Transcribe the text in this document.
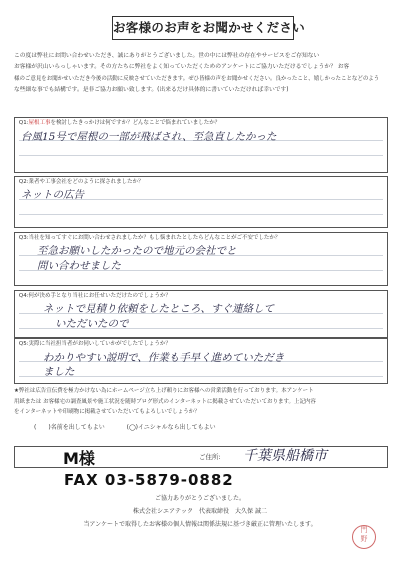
お客様のお声をお聞かせください

この度は弊社にお問い合わせいただき、誠にありがとうございました。世の中には弊社の存在やサービスをご存知ない

お客様が沢山いらっしゃいます。その方たちに弊社をよく知っていただくためのアンケートにご協力いただけるでしょうか？ お客

様のご意見をお聞かせいただき今後の活動に反映させていただきます。ぜひ皆様の声をお聞かせください。良かったこと、嬉しかったことなどのよう

な些細な事でも結構です。是非ご協力お願い致します。(出来るだけ具体的に書いていただければ幸いです)

Q1:屋根工事を検討したきっかけは何ですか？どんなことで悩まれていましたか？
台風15号で屋根の一部が飛ばされ、至急直したかった
Q2:業者や工事会社をどのように探されましたか？
ネットの広告
Q3:当社を知ってすぐにお問い合わせされましたか？もし悩まれたとしたらどんなことがご不安でしたか？
至急お願いしたかったので地元の会社でと
問い合わせました
Q4:何が決め手となり当社にお任せいただけたのでしょうか？
ネットで見積り依頼をしたところ、すぐ連絡して
いただいたので
Q5:実際に当社担当者がお伺いしていかがでしたでしょうか？
わかりやすい説明で、作業も手早く進めていただき
ました

★弊社は広告宣伝費を極力かけない為にホームページ立ち上げ頼りにお客様への営業活動を行っております。本アンケート

用紙または お客様宅の調査風景や施工状況を随時ブログ形式のインターネットに掲載させていただいております。上記内容

をインターネットや印刷物に掲載させていただいてもよろしいでしょうか？

(　　)名前を出してもよい	(◯)イニシャルなら出してもよい
M様	ご住所: 千葉県船橋市
FAX 03-5879-0882
ご協力ありがとうございました。
株式会社シエアテック　代表取締役　大久保 誠二
当アンケートで取得したお客様の個人情報は関係法規に基づき厳正に管理いたします。
門
野
